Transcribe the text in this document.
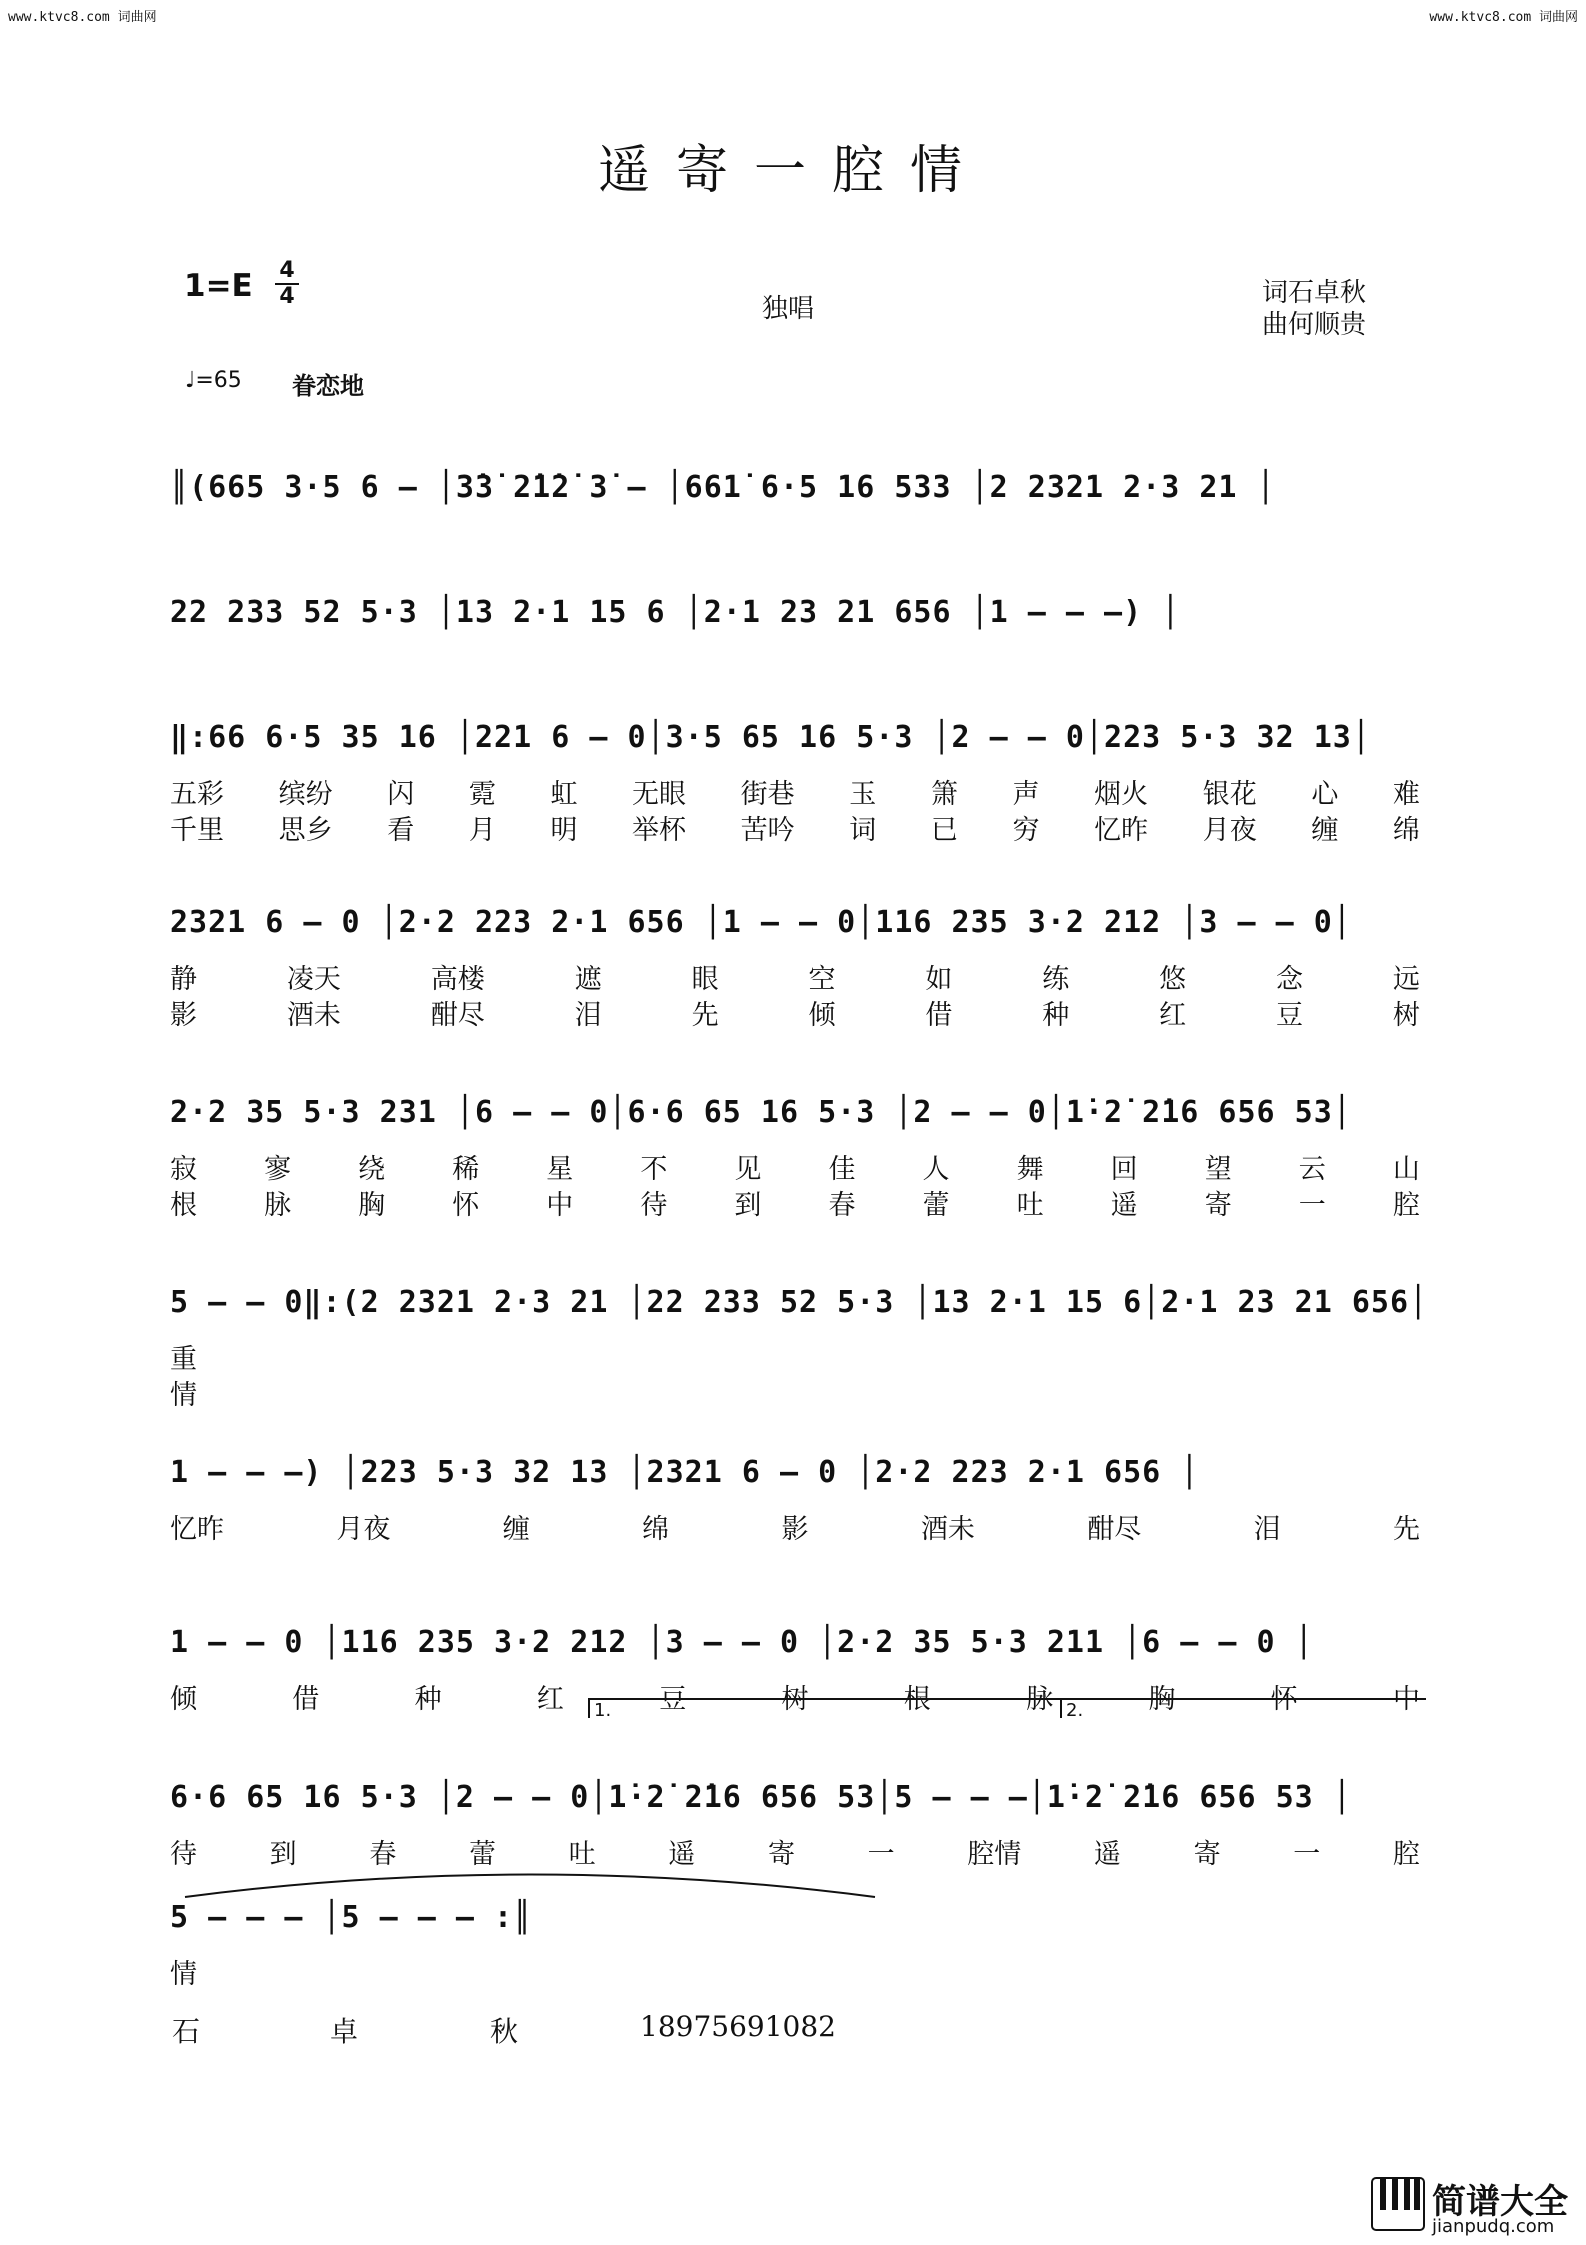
www.ktvc8.com 词曲网	www.ktvc8.com 词曲网
遥寄一腔情
1=E 4
4	独唱
词石卓秋
曲何顺贵
♩=65 眷恋地
║(665 3·5 6 – │3̇3̇ 2̇1̇2̇ 3̇ – │661̇ 6·5 16 533 │2 2321 2·3 21 │
22 233 52 5·3 │13 2·1 15 6 │2·1 23 21 656 │1 – – –) │
‖:66 6·5 35 16 │221 6 – 0│3·5 65 16 5·3 │2 – – 0│223 5·3 32 13│
五彩 缤纷 闪 霓 虹 无眼 街巷 玉 箫 声 烟火 银花 心 难
千里 思乡 看 月 明 举杯 苦吟 词 已 穷 忆昨 月夜 缠 绵
2321 6 – 0 │2·2 223 2·1 656 │1 – – 0│116 235 3·2 212 │3 – – 0│
静	凌天	高楼	遮	眼	空	如	练	悠	念	远
影	酒未	酣尽	泪	先	倾	借	种	红	豆	树
2·2 35 5·3 231 │6 – – 0│6·6 65 16 5·3 │2 – – 0│1̇·2̇ 2̇16 656 53│
寂 寥 绕 稀 星 不 见 佳 人 舞 回 望 云 山
根 脉 胸 怀 中 待 到 春 蕾 吐 遥 寄 一 腔
5 – – 0‖:(2 2321 2·3 21 │22 233 52 5·3 │13 2·1 15 6│2·1 23 21 656│
重
情
1 – – –) │223 5·3 32 13 │2321 6 – 0 │2·2 223 2·1 656 │
忆昨	月夜	缠	绵	影	酒未	酣尽	泪	先
1 – – 0 │116 235 3·2 212 │3 – – 0 │2·2 35 5·3 211 │6 – – 0 │
倾	借	种	红	豆	树	根	脉	胸	怀	中
6·6 65 16 5·3 │2 – – 0│1̇·2̇ 2̇16 656 53│5 – – –│1̇·2̇ 2̇16 656 53 │
待	到	春	蕾	吐	遥	寄	一	腔情	遥	寄	一	腔
5 – – – │5 – – – :║
情
1.	2.
石	卓	秋	18975691082
简谱大全
jianpudq.com
